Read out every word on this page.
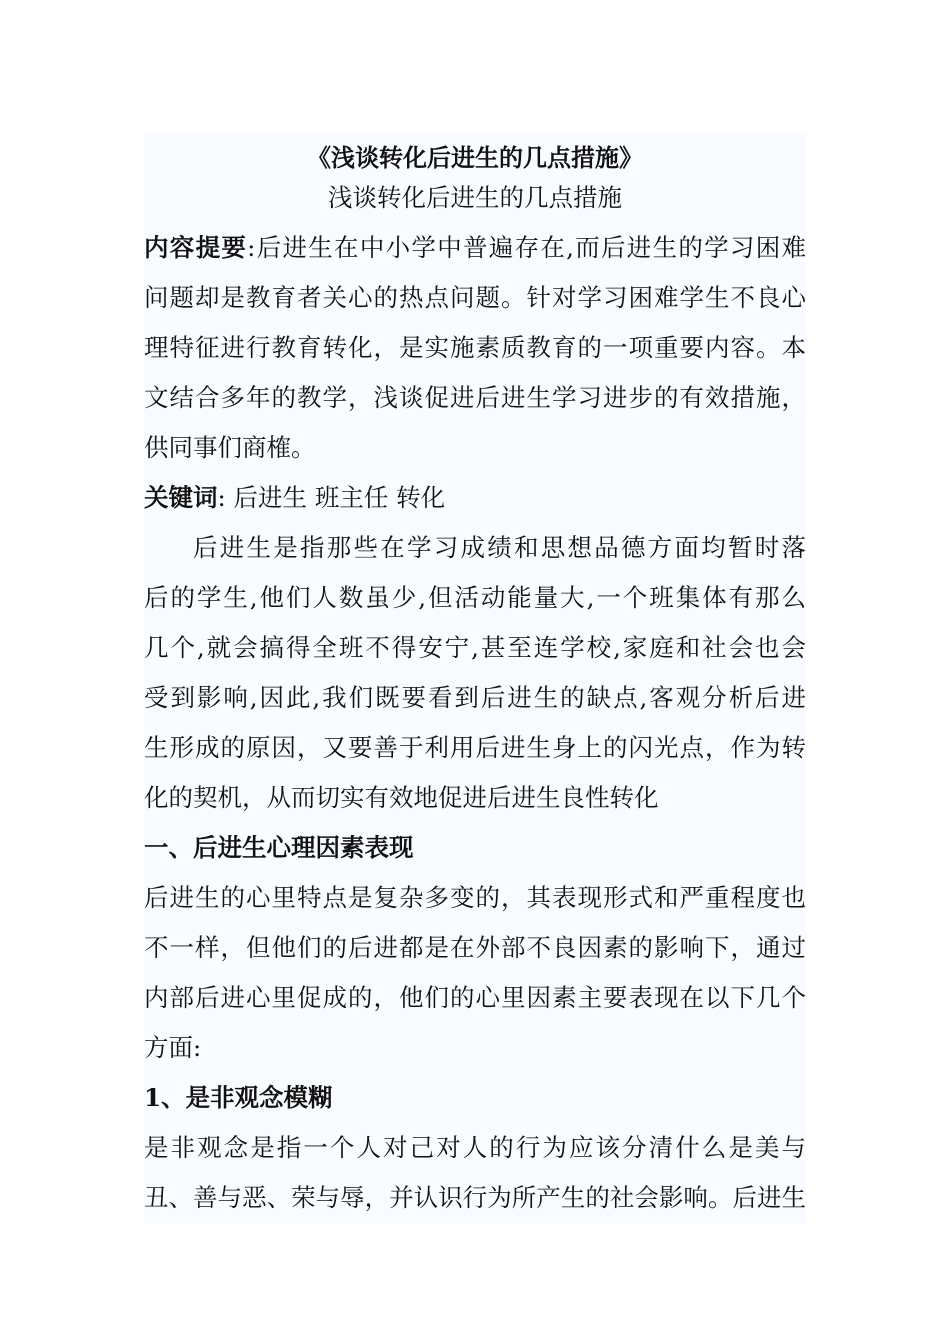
《浅谈转化后进生的几点措施》
浅谈转化后进生的几点措施
内容提要:后进生在中小学中普遍存在,而后进生的学习困难
问题却是教育者关心的热点问题。针对学习困难学生不良心
理特征进行教育转化，是实施素质教育的一项重要内容。本
文结合多年的教学，浅谈促进后进生学习进步的有效措施，
供同事们商榷。
关键词: 后进生 班主任 转化
后进生是指那些在学习成绩和思想品德方面均暂时落
后的学生,他们人数虽少,但活动能量大,一个班集体有那么
几个,就会搞得全班不得安宁,甚至连学校,家庭和社会也会
受到影响,因此,我们既要看到后进生的缺点,客观分析后进
生形成的原因，又要善于利用后进生身上的闪光点，作为转
化的契机，从而切实有效地促进后进生良性转化
一、后进生心理因素表现
后进生的心里特点是复杂多变的，其表现形式和严重程度也
不一样，但他们的后进都是在外部不良因素的影响下，通过
内部后进心里促成的，他们的心里因素主要表现在以下几个
方面:
1、是非观念模糊
是非观念是指一个人对己对人的行为应该分清什么是美与
丑、善与恶、荣与辱，并认识行为所产生的社会影响。后进生
